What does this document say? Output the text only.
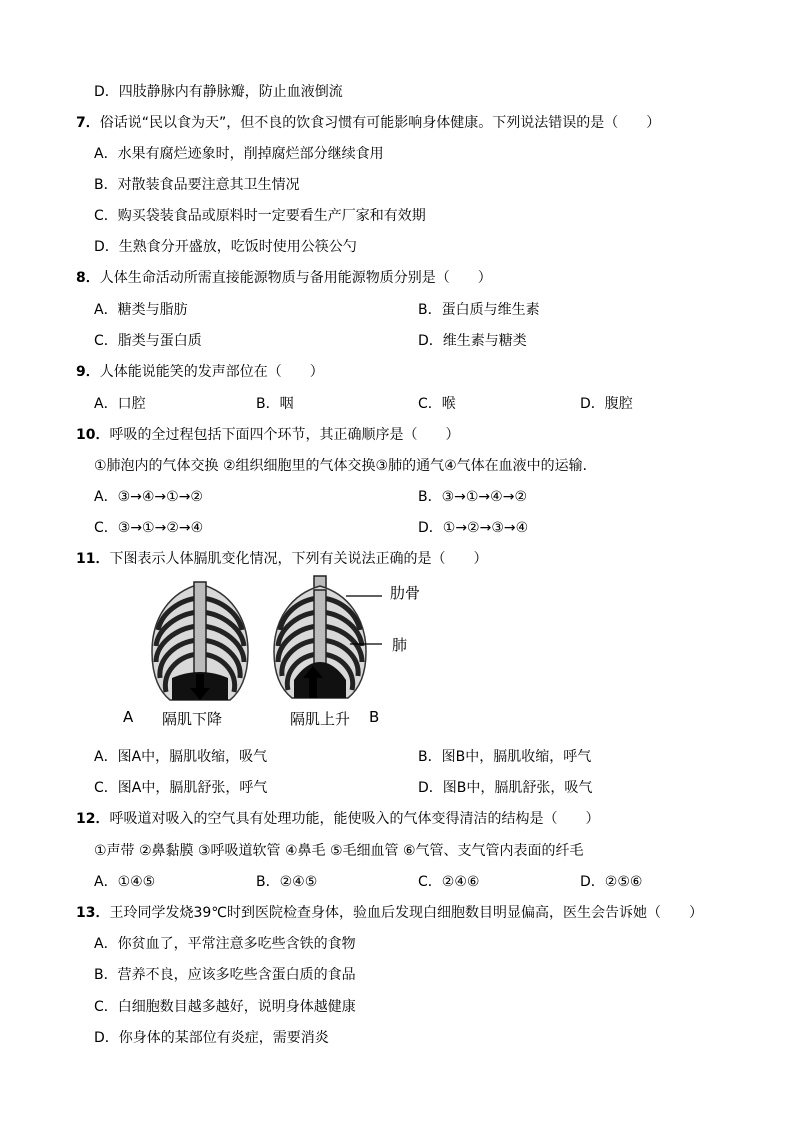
D．四肢静脉内有静脉瓣，防止血液倒流
7．俗话说“民以食为天”，但不良的饮食习惯有可能影响身体健康。下列说法错误的是（　　）
A．水果有腐烂迹象时，削掉腐烂部分继续食用
B．对散装食品要注意其卫生情况
C．购买袋装食品或原料时一定要看生产厂家和有效期
D．生熟食分开盛放，吃饭时使用公筷公勺
8．人体生命活动所需直接能源物质与备用能源物质分别是（　　）
A．糖类与脂肪	B．蛋白质与维生素
C．脂类与蛋白质	D．维生素与糖类
9．人体能说能笑的发声部位在（　　）
A．口腔	B．咽	C．喉	D．腹腔
10．呼吸的全过程包括下面四个环节，其正确顺序是（　　）
①肺泡内的气体交换 ②组织细胞里的气体交换③肺的通气④气体在血液中的运输．
A．③→④→①→②	B．③→①→④→②
C．③→①→②→④	D．①→②→③→④
11．下图表示人体膈肌变化情况，下列有关说法正确的是（　　）
肋骨
肺
A 隔肌下降	隔肌上升 B
A．图A中，膈肌收缩，吸气	B．图B中，膈肌收缩，呼气
C．图A中，膈肌舒张，呼气	D．图B中，膈肌舒张，吸气
12．呼吸道对吸入的空气具有处理功能，能使吸入的气体变得清洁的结构是（　　）
①声带 ②鼻黏膜 ③呼吸道软管 ④鼻毛 ⑤毛细血管 ⑥气管、支气管内表面的纤毛
A．①④⑤	B．②④⑤	C．②④⑥	D．②⑤⑥
13．王玲同学发烧39℃时到医院检查身体，验血后发现白细胞数目明显偏高，医生会告诉她（　　）
A．你贫血了，平常注意多吃些含铁的食物
B．营养不良，应该多吃些含蛋白质的食品
C．白细胞数目越多越好，说明身体越健康
D．你身体的某部位有炎症，需要消炎
